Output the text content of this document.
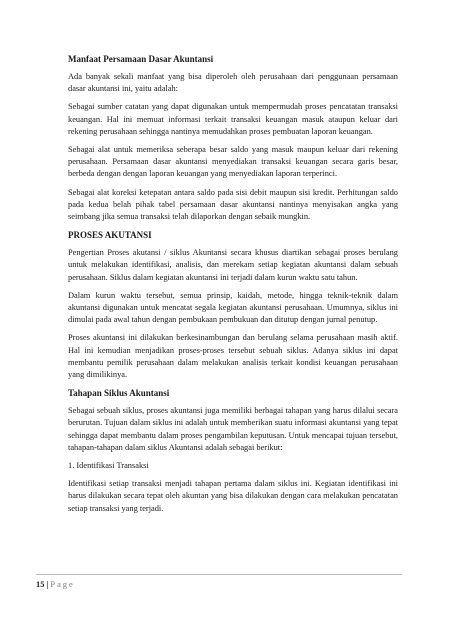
Manfaat Persamaan Dasar Akuntansi

Ada banyak sekali manfaat yang bisa diperoleh oleh perusahaan dari penggunaan persamaan dasar akuntansi ini, yaitu adalah:

Sebagai sumber catatan yang dapat digunakan untuk mempermudah proses pencatatan transaksi keuangan. Hal ini memuat informasi terkait transaksi keuangan masuk ataupun keluar dari rekening perusahaan sehingga nantinya memudahkan proses pembuatan laporan keuangan.

Sebagai alat untuk memeriksa seberapa besar saldo yang masuk maupun keluar dari rekening perusahaan. Persamaan dasar akuntansi menyediakan transaksi keuangan secara garis besar, berbeda dengan dengan laporan keuangan yang menyediakan laporan terperinci.

Sebagai alat koreksi ketepatan antara saldo pada sisi debit maupun sisi kredit. Perhitungan saldo pada kedua belah pihak tabel persamaan dasar akuntansi nantinya menyisakan angka yang seimbang jika semua transaksi telah dilaporkan dengan sebaik mungkin.

PROSES AKUTANSI

Pengertian Proses akutansi / siklus Akuntansi secara khusus diartikan sebagai proses berulang untuk melakukan identifikasi, analisis, dan merekam setiap kegiatan akuntansi dalam sebuah perusahaan. Siklus dalam kegiatan akuntansi ini terjadi dalam kurun waktu satu tahun.

Dalam kurun waktu tersebut, semua prinsip, kaidah, metode, hingga teknik-teknik dalam akuntansi digunakan untuk mencatat segala kegiatan akuntansi perusahaan. Umumnya, siklus ini dimulai pada awal tahun dengan pembukaan pembukuan dan ditutup dengan jurnal penutup.

Proses akuntansi ini dilakukan berkesinambungan dan berulang selama perusahaan masih aktif. Hal ini kemudian menjadikan proses-proses tersebut sebuah siklus. Adanya siklus ini dapat membantu pemilik perusahaan dalam melakukan analisis terkait kondisi keuangan perusahaan yang dimilikinya.

Tahapan Siklus Akuntansi

Sebagai sebuah siklus, proses akuntansi juga memiliki berbagai tahapan yang harus dilalui secara berurutan. Tujuan dalam siklus ini adalah untuk memberikan suatu informasi akuntansi yang tepat sehingga dapat membantu dalam proses pengambilan keputusan. Untuk mencapai tujuan tersebut, tahapan-tahapan dalam siklus Akuntansi adalah sebagai berikut:

1. Identifikasi Transaksi

Identifikasi setiap transaksi menjadi tahapan pertama dalam siklus ini. Kegiatan identifikasi ini harus dilakukan secara tepat oleh akuntan yang bisa dilakukan dengan cara melakukan pencatatan setiap transaksi yang terjadi.

15 | Page
